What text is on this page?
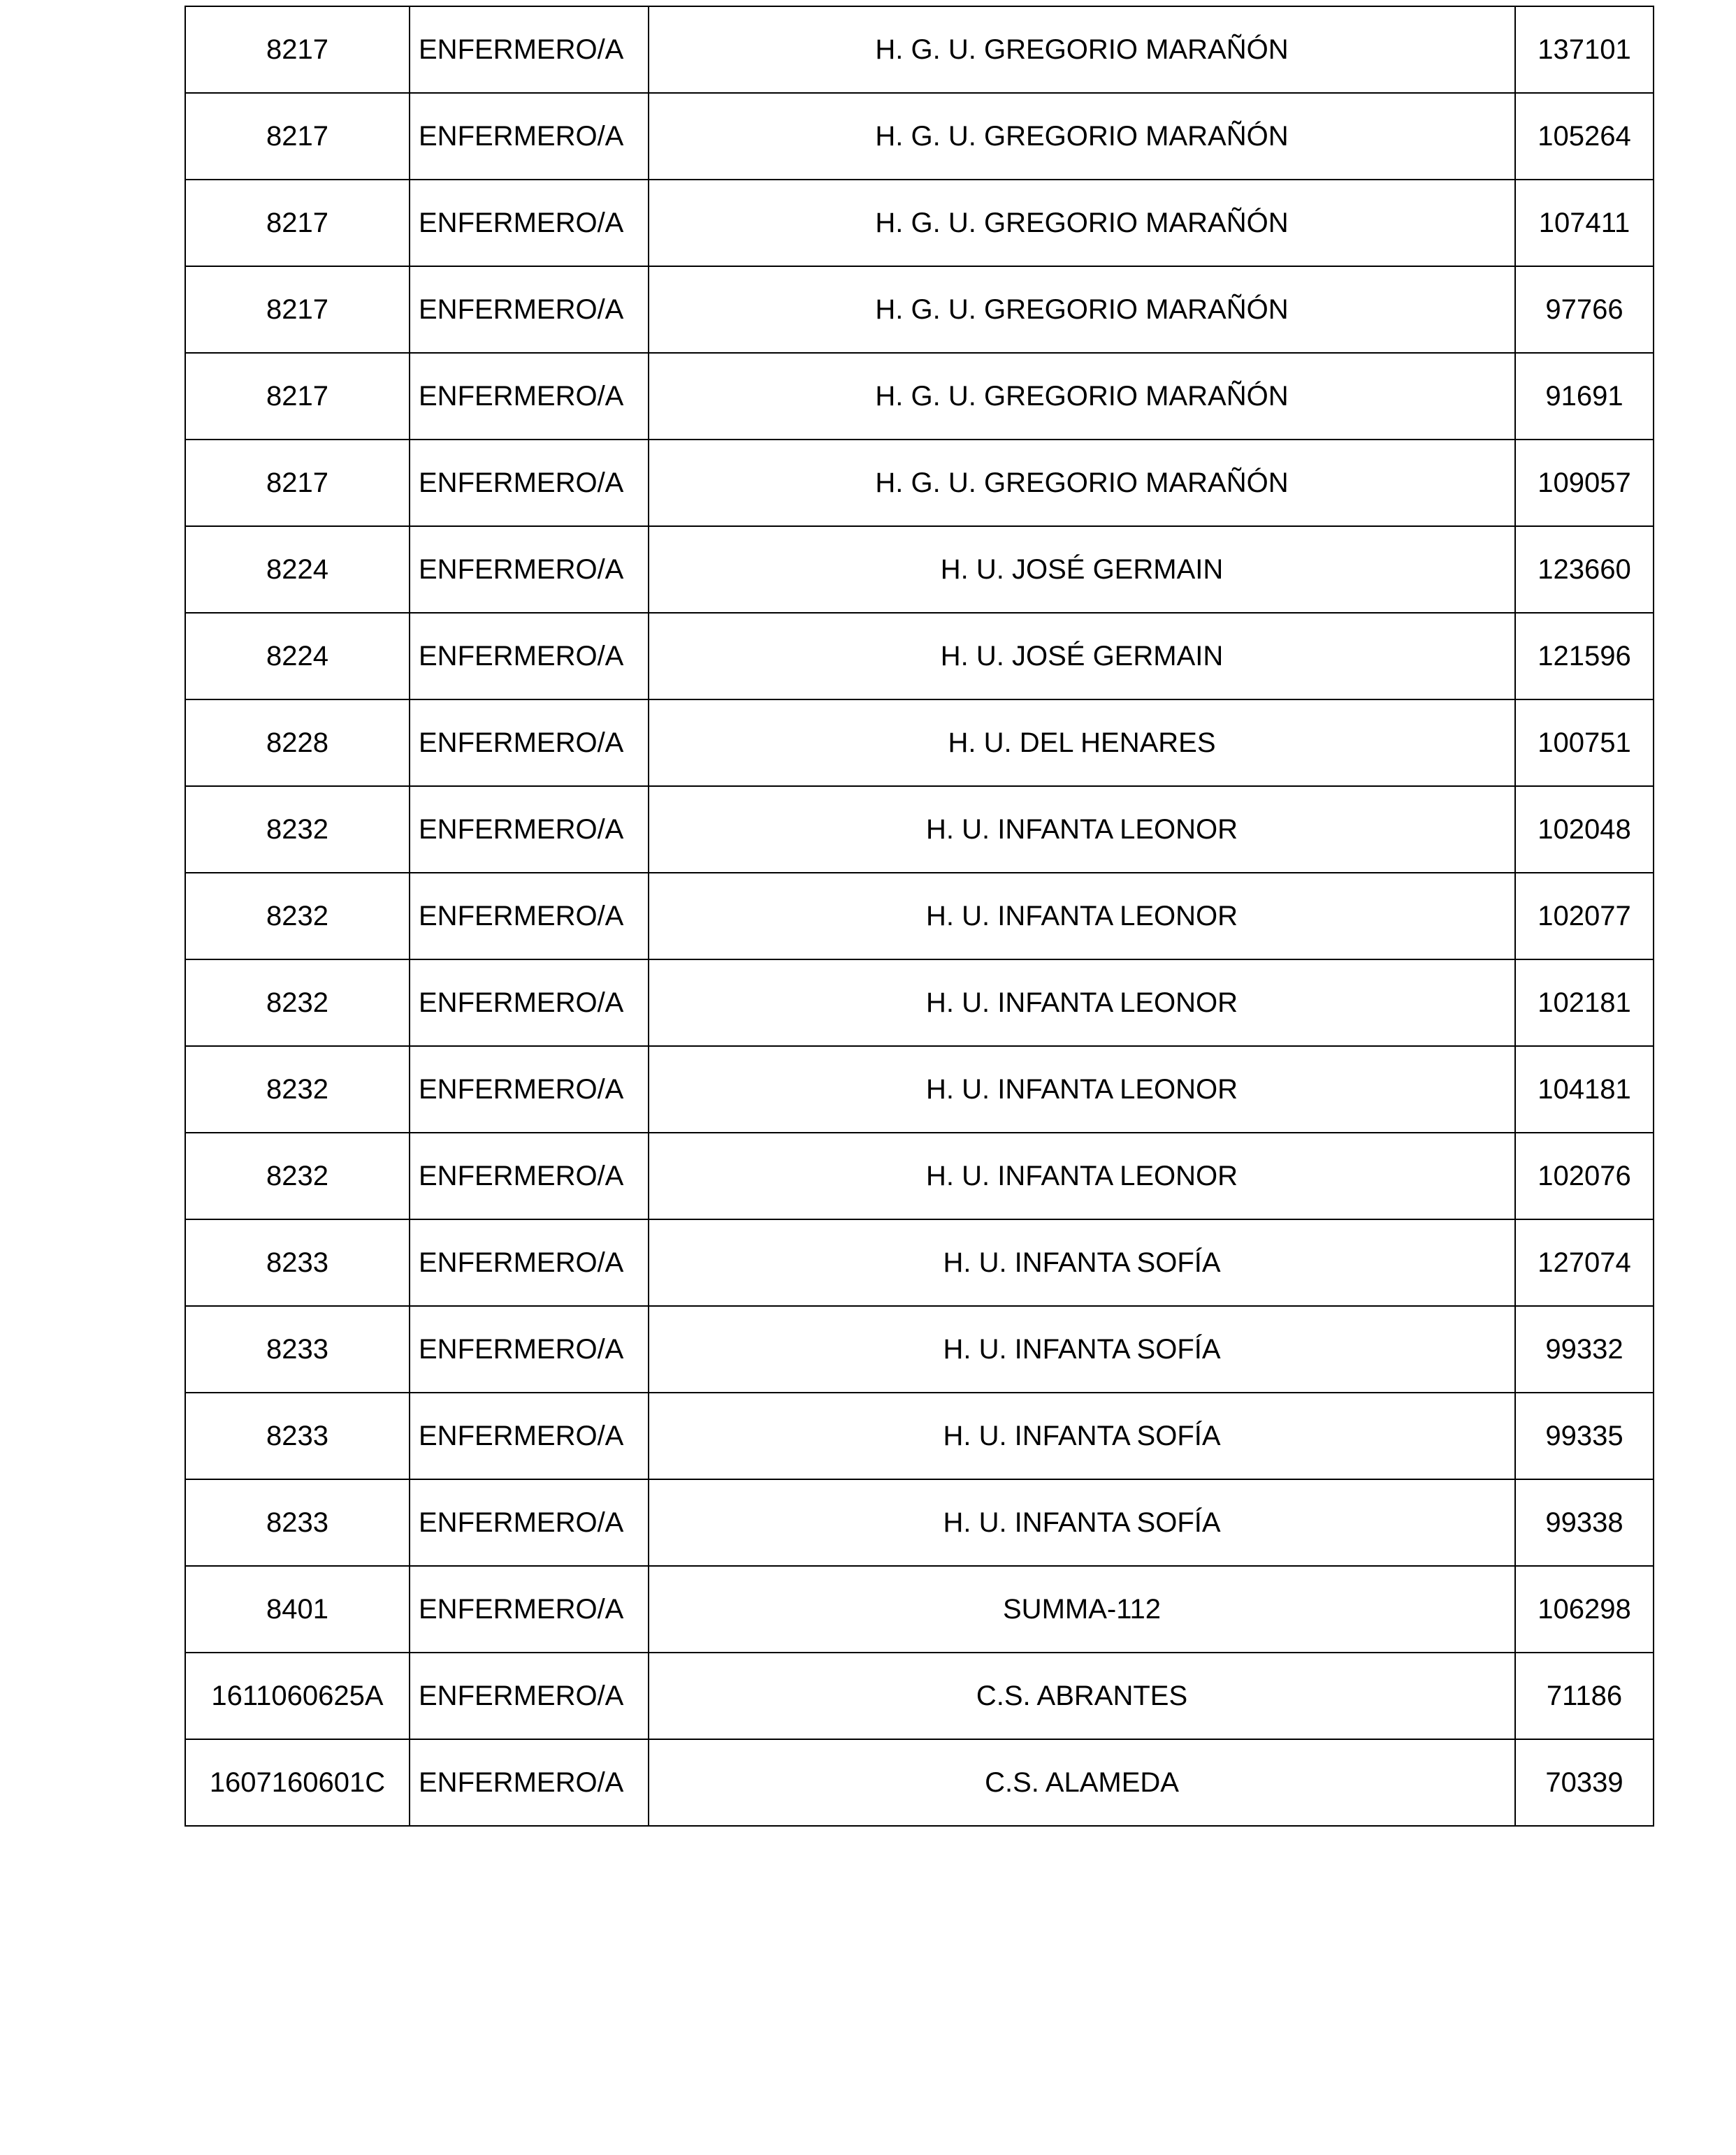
8217	ENFERMERO/A	H. G. U. GREGORIO MARAÑÓN	137101
8217	ENFERMERO/A	H. G. U. GREGORIO MARAÑÓN	105264
8217	ENFERMERO/A	H. G. U. GREGORIO MARAÑÓN	107411
8217	ENFERMERO/A	H. G. U. GREGORIO MARAÑÓN	97766
8217	ENFERMERO/A	H. G. U. GREGORIO MARAÑÓN	91691
8217	ENFERMERO/A	H. G. U. GREGORIO MARAÑÓN	109057
8224	ENFERMERO/A	H. U. JOSÉ GERMAIN	123660
8224	ENFERMERO/A	H. U. JOSÉ GERMAIN	121596
8228	ENFERMERO/A	H. U. DEL HENARES	100751
8232	ENFERMERO/A	H. U. INFANTA LEONOR	102048
8232	ENFERMERO/A	H. U. INFANTA LEONOR	102077
8232	ENFERMERO/A	H. U. INFANTA LEONOR	102181
8232	ENFERMERO/A	H. U. INFANTA LEONOR	104181
8232	ENFERMERO/A	H. U. INFANTA LEONOR	102076
8233	ENFERMERO/A	H. U. INFANTA SOFÍA	127074
8233	ENFERMERO/A	H. U. INFANTA SOFÍA	99332
8233	ENFERMERO/A	H. U. INFANTA SOFÍA	99335
8233	ENFERMERO/A	H. U. INFANTA SOFÍA	99338
8401	ENFERMERO/A	SUMMA-112	106298
1611060625A	ENFERMERO/A	C.S. ABRANTES	71186
1607160601C	ENFERMERO/A	C.S. ALAMEDA	70339
